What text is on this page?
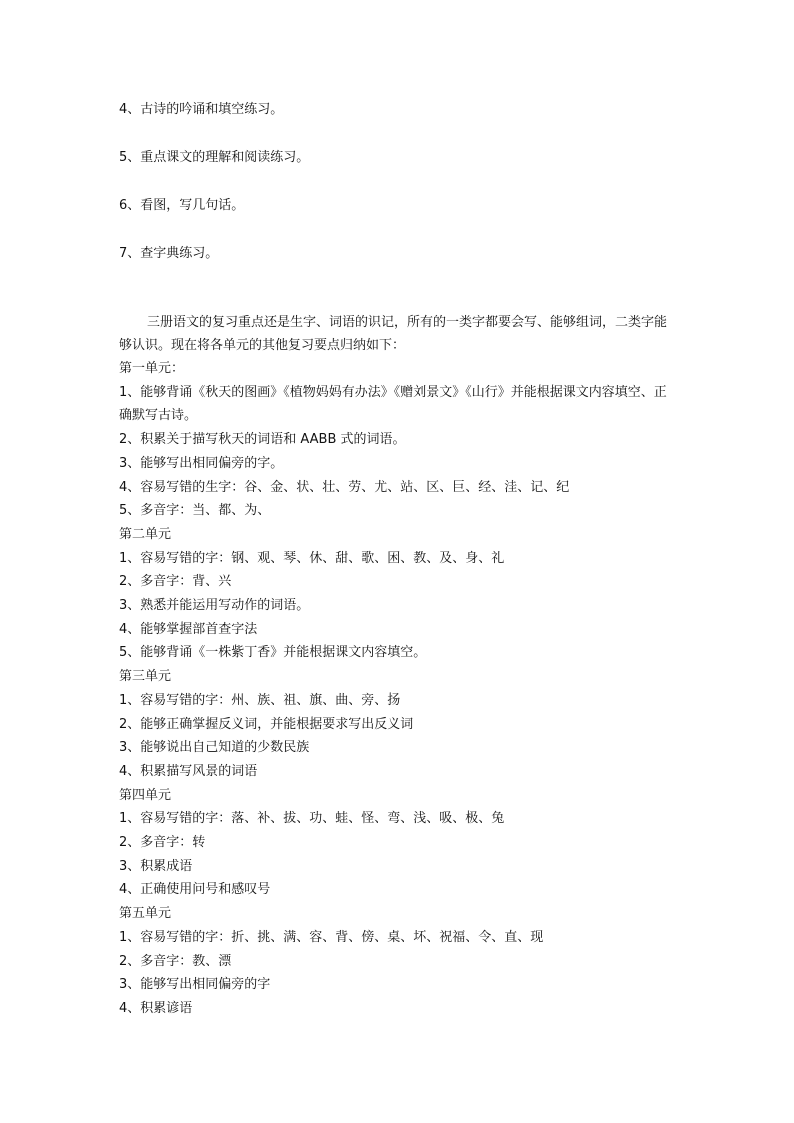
4、古诗的吟诵和填空练习。
5、重点课文的理解和阅读练习。
6、看图，写几句话。
7、查字典练习。

三册语文的复习重点还是生字、词语的识记，所有的一类字都要会写、能够组词，二类字能够认识。现在将各单元的其他复习要点归纳如下：

第一单元：

1、能够背诵《秋天的图画》《植物妈妈有办法》《赠刘景文》《山行》并能根据课文内容填空、正确默写古诗。

2、积累关于描写秋天的词语和 AABB 式的词语。

3、能够写出相同偏旁的字。

4、容易写错的生字：谷、金、状、壮、劳、尤、站、区、巨、经、洼、记、纪

5、多音字：当、都、为、

第二单元

1、容易写错的字：钢、观、琴、休、甜、歌、困、教、及、身、礼

2、多音字：背、兴

3、熟悉并能运用写动作的词语。

4、能够掌握部首查字法

5、能够背诵《一株紫丁香》并能根据课文内容填空。

第三单元

1、容易写错的字：州、族、祖、旗、曲、旁、扬

2、能够正确掌握反义词，并能根据要求写出反义词

3、能够说出自己知道的少数民族

4、积累描写风景的词语

第四单元

1、容易写错的字：落、补、拔、功、蛙、怪、弯、浅、吸、极、兔

2、多音字：转

3、积累成语

4、正确使用问号和感叹号

第五单元

1、容易写错的字：折、挑、满、容、背、傍、桌、坏、祝福、令、直、现

2、多音字：教、漂

3、能够写出相同偏旁的字

4、积累谚语
